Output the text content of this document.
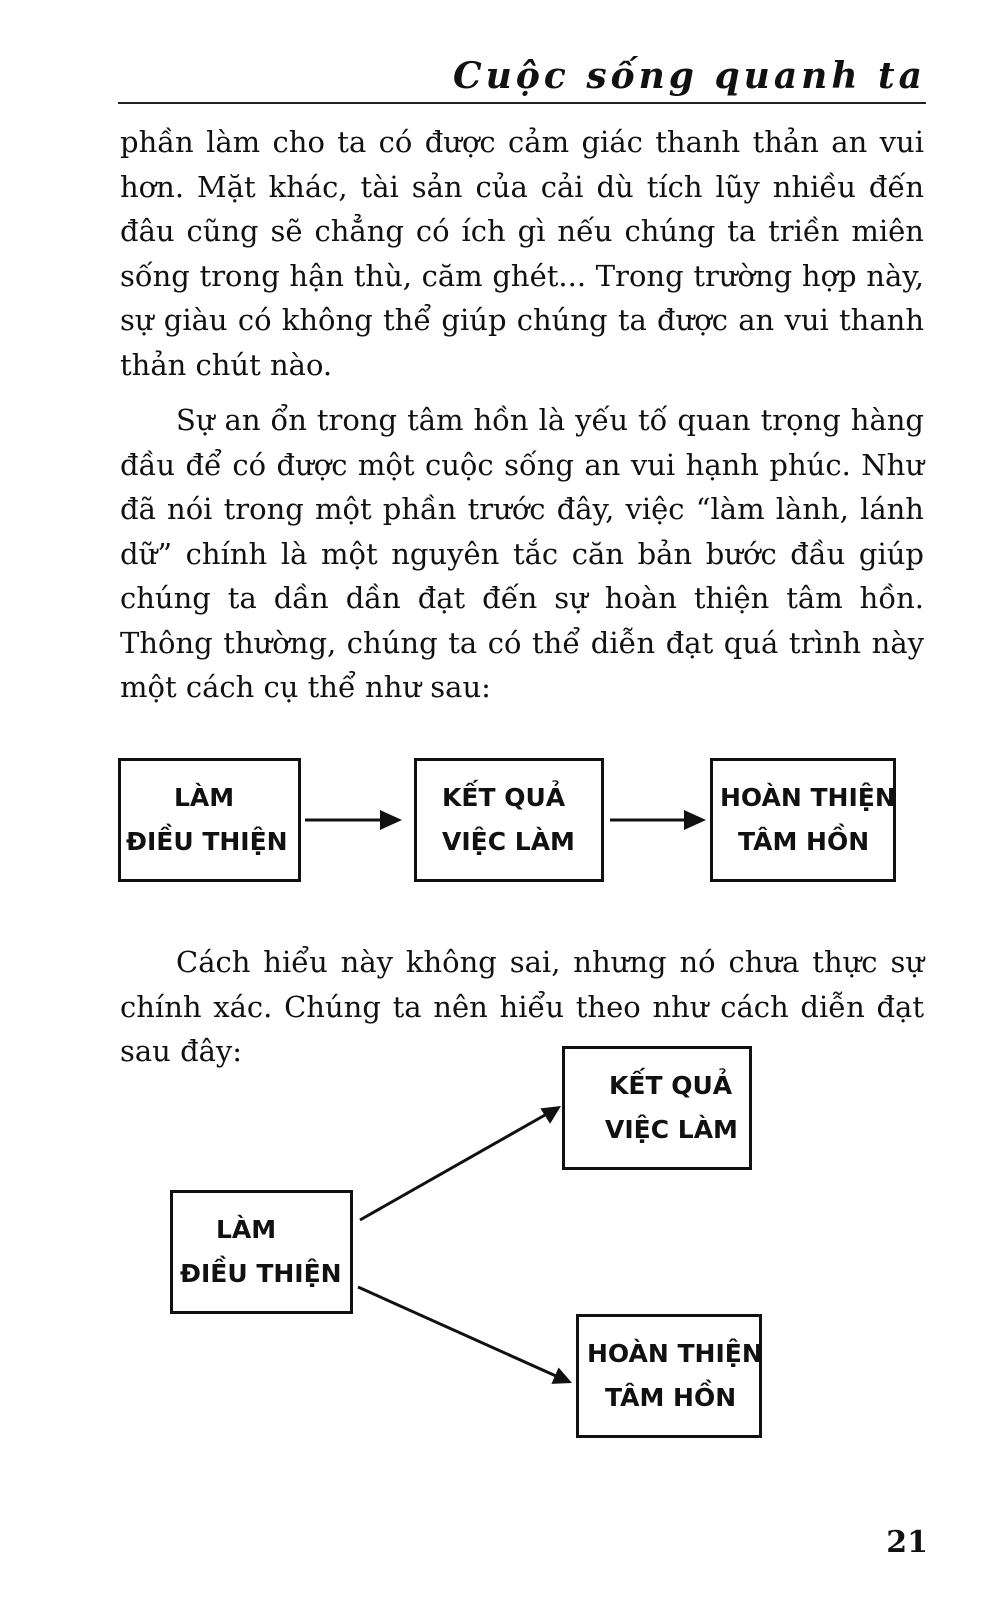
Cuộc sống quanh ta

phần làm cho ta có được cảm giác thanh thản an vui hơn. Mặt khác, tài sản của cải dù tích lũy nhiều đến đâu cũng sẽ chẳng có ích gì nếu chúng ta triền miên sống trong hận thù, căm ghét... Trong trường hợp này, sự giàu có không thể giúp chúng ta được an vui thanh thản chút nào.

Sự an ổn trong tâm hồn là yếu tố quan trọng hàng đầu để có được một cuộc sống an vui hạnh phúc. Như đã nói trong một phần trước đây, việc “làm lành, lánh dữ” chính là một nguyên tắc căn bản bước đầu giúp chúng ta dần dần đạt đến sự hoàn thiện tâm hồn. Thông thường, chúng ta có thể diễn đạt quá trình này một cách cụ thể như sau:

LÀM
ĐIỀU THIỆN
KẾT QUẢ
VIỆC LÀM
HOÀN THIỆN
TÂM HỒN

Cách hiểu này không sai, nhưng nó chưa thực sự chính xác. Chúng ta nên hiểu theo như cách diễn đạt sau đây:

KẾT QUẢ
VIỆC LÀM
LÀM
ĐIỀU THIỆN
HOÀN THIỆN
TÂM HỒN
21
